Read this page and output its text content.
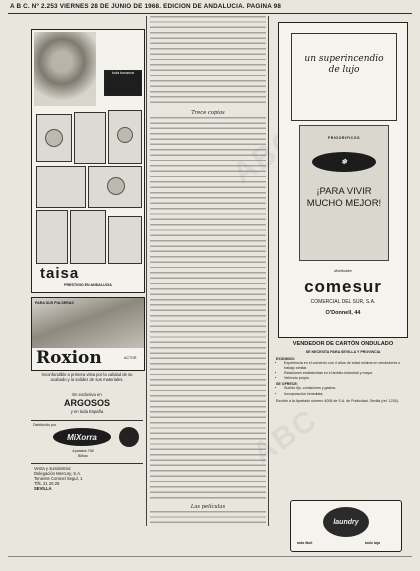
A B C. Nº 2.253 VIERNES 28 DE JUNIO DE 1968. EDICION DE ANDALUCIA. PAGINA 98
ABC
toda bonanza
taisa
PRESTIGIO EN ANDALUCIA
PARA SUS PULSERAS
Roxion	ACTOR
Inconfundible a primera vista por la calidad de su acabado y la solidez de sus materiales.
En exclusiva en
ARGOSOS
y en toda España
Distribuido por
MiXorra
Aparatos 758
Bilbao
Venta y suministros:
Delegación Mercury, S.A.
Teniente Coronel Seguí, 1
Tlfs. 21 25 29
SEVILLA
Trece copias
Las películas
un superincendio de lujo
FRIGORIFICOS
❄
¡PARA VIVIR MUCHO MEJOR!
distribuidor
comesur
COMERCIAL DEL SUR, S.A.
O'Donnell, 44
VENDEDOR DE CARTÓN ONDULADO
SE NECESITA PARA SEVILLA Y PROVINCIA
EXIGIMOS:
• Experiencia en el comercio con 4 años de edad mínima en vendedores o trabajo similar.
• Relaciones establecidas en el ámbito industrial y mayor.
• Vehículo propio.
SE OFRECE:
• Sueldo fijo, comisiones y gastos.
• Incorporación inmediata.
Escribir a la Apartado número 4008 de S.A. de Publicidad, Sevilla (ref. 1234).
laundry
más fácil	todo lujo
